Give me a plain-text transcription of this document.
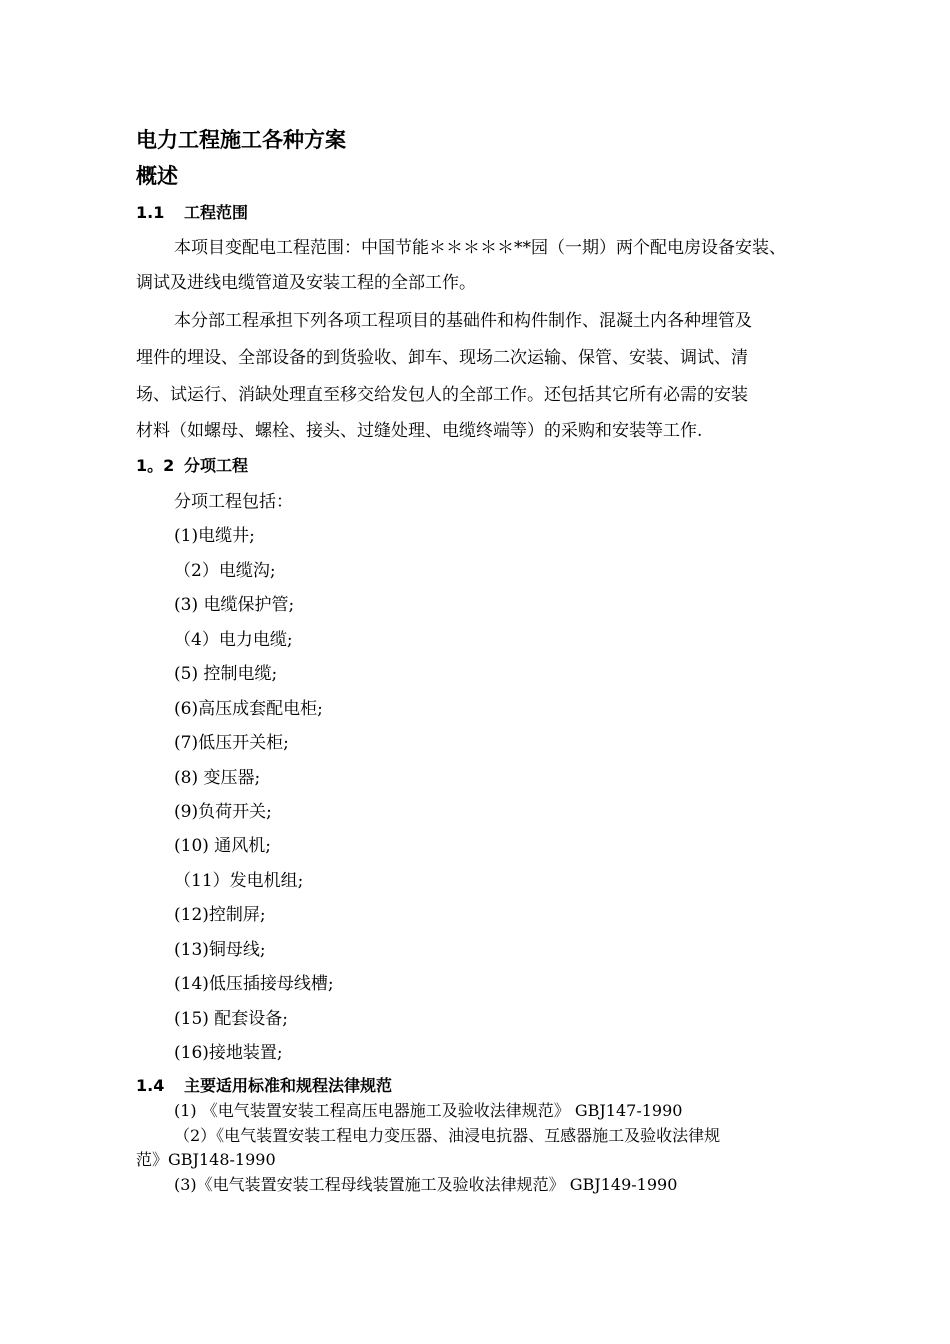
电力工程施工各种方案
概述
1.1 工程范围
本项目变配电工程范围：中国节能＊＊＊＊＊**园（一期）两个配电房设备安装、
调试及进线电缆管道及安装工程的全部工作。
本分部工程承担下列各项工程项目的基础件和构件制作、混凝土内各种埋管及
埋件的埋设、全部设备的到货验收、卸车、现场二次运输、保管、安装、调试、清
场、试运行、消缺处理直至移交给发包人的全部工作。还包括其它所有必需的安装
材料（如螺母、螺栓、接头、过缝处理、电缆终端等）的采购和安装等工作.
1。2 分项工程
分项工程包括：
(1)电缆井;
（2）电缆沟;
(3) 电缆保护管;
（4）电力电缆;
(5) 控制电缆;
(6)高压成套配电柜;
(7)低压开关柜;
(8) 变压器;
(9)负荷开关;
(10) 通风机;
（11）发电机组;
(12)控制屏;
(13)铜母线;
(14)低压插接母线槽;
(15) 配套设备;
(16)接地装置;
1.4 主要适用标准和规程法律规范
(1) 《电气装置安装工程高压电器施工及验收法律规范》 GBJ147-1990
（2）《电气装置安装工程电力变压器、油浸电抗器、互感器施工及验收法律规
范》GBJ148-1990
(3)《电气装置安装工程母线装置施工及验收法律规范》 GBJ149-1990
